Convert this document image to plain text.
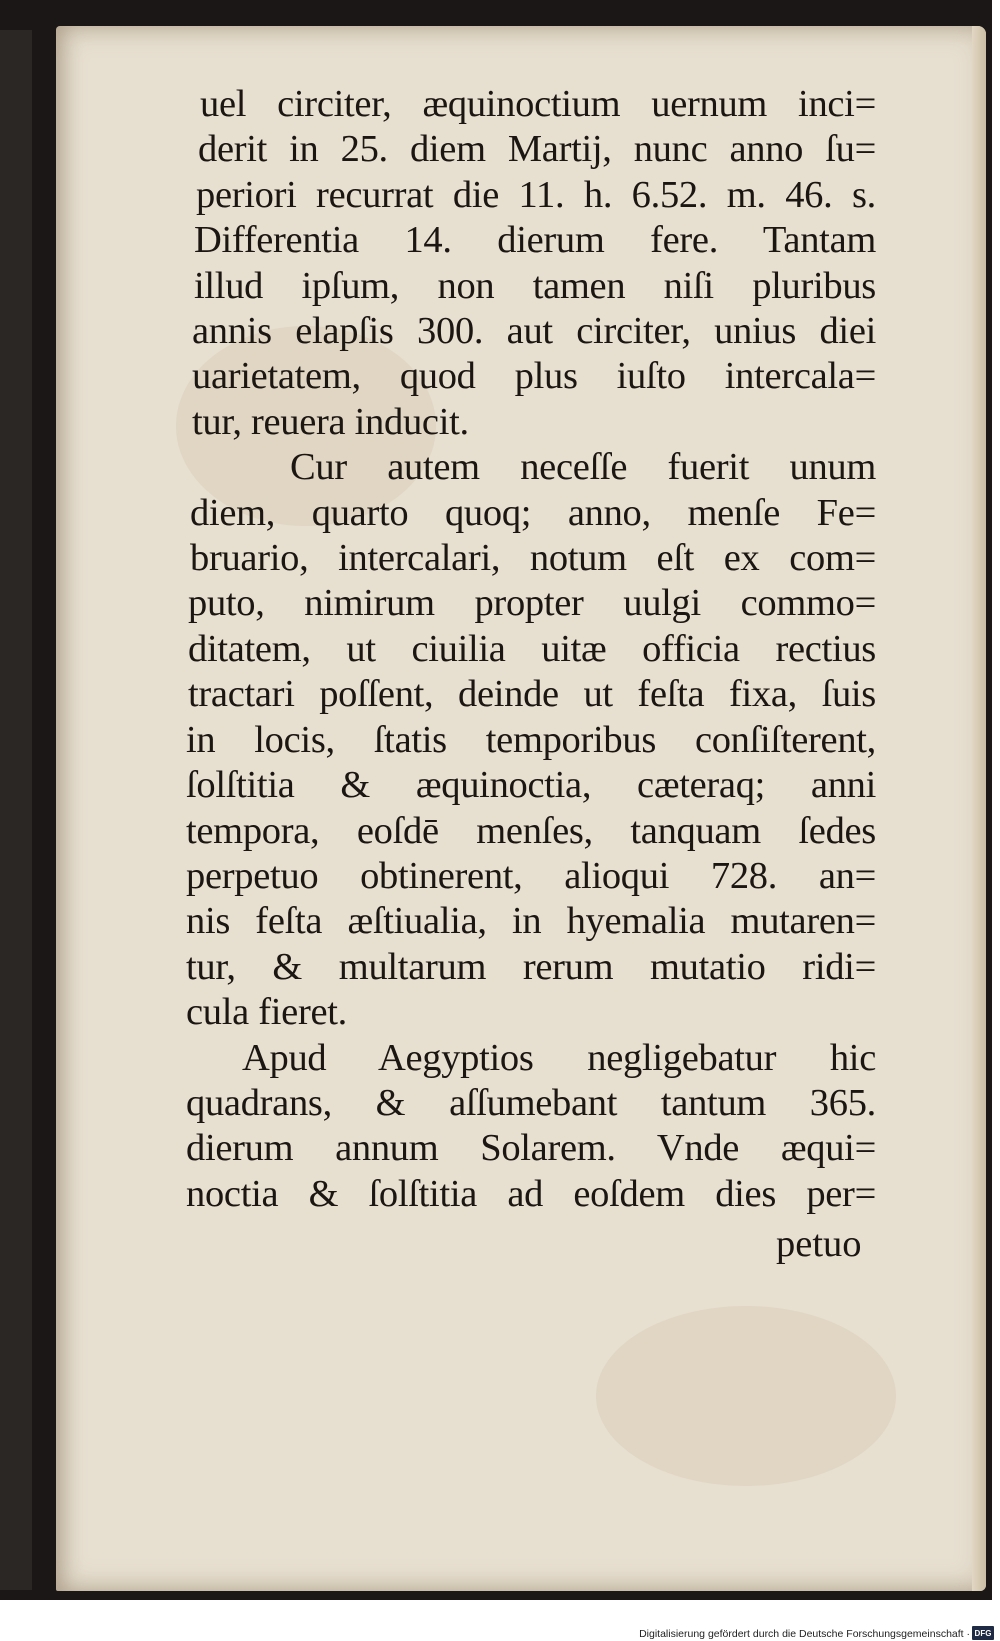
uel circiter, æquinoctium uernum inci=
derit in 25. diem Martij, nunc anno ſu=
periori recurrat die 11. h. 6.52. m. 46. s.
Differentia 14. dierum fere. Tantam
illud ipſum, non tamen niſi pluribus
annis elapſis 300. aut circiter, unius diei
uarietatem, quod plus iuſto intercala=
tur, reuera inducit.
Cur autem neceſſe fuerit unum
diem, quarto quoq; anno, menſe Fe=
bruario, intercalari, notum eſt ex com=
puto, nimirum propter uulgi commo=
ditatem, ut ciuilia uitæ officia rectius
tractari poſſent, deinde ut feſta fixa, ſuis
in locis, ſtatis temporibus conſiſterent,
ſolſtitia & æquinoctia, cæteraq; anni
tempora, eoſdē menſes, tanquam ſedes
perpetuo obtinerent, alioqui 728. an=
nis feſta æſtiualia, in hyemalia mutaren=
tur, & multarum rerum mutatio ridi=
cula fieret.
Apud Aegyptios negligebatur hic
quadrans, & aſſumebant tantum 365.
dierum annum Solarem. Vnde æqui=
noctia & ſolſtitia ad eoſdem dies per=
petuo
Digitalisierung gefördert durch die Deutsche Forschungsgemeinschaft · DFG
